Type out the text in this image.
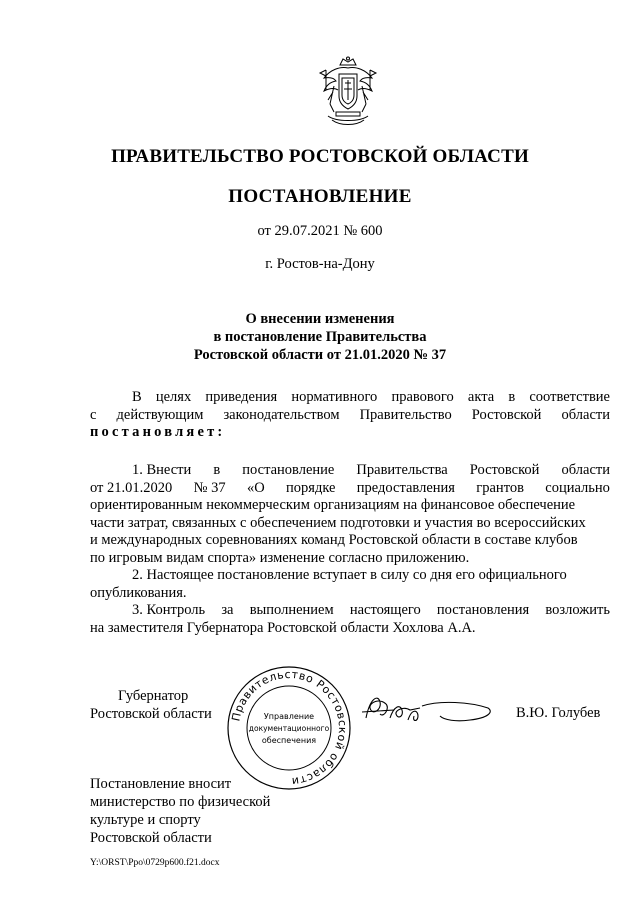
ПРАВИТЕЛЬСТВО РОСТОВСКОЙ ОБЛАСТИ
ПОСТАНОВЛЕНИЕ
от 29.07.2021 № 600
г. Ростов-на-Дону
О внесении изменения
в постановление Правительства
Ростовской области от 21.01.2020 № 37
В целях приведения нормативного правового акта в соответствие
с действующим законодательством Правительство Ростовской области
постановляет:
1. Внести в постановление Правительства Ростовской области
от 21.01.2020 № 37 «О порядке предоставления грантов социально
ориентированным некоммерческим организациям на финансовое обеспечение
части затрат, связанных с обеспечением подготовки и участия во всероссийских
и международных соревнованиях команд Ростовской области в составе клубов
по игровым видам спорта» изменение согласно приложению.
2. Настоящее постановление вступает в силу со дня его официального
опубликования.
3. Контроль за выполнением настоящего постановления возложить
на заместителя Губернатора Ростовской области Хохлова А.А.
Губернатор
Ростовской области Правительство Ростовской области
Управление
документационного
обеспечения
В.Ю. Голубев
Постановление вносит
министерство по физической
культуре и спорту
Ростовской области
Y:\ORST\Ppo\0729p600.f21.docx
